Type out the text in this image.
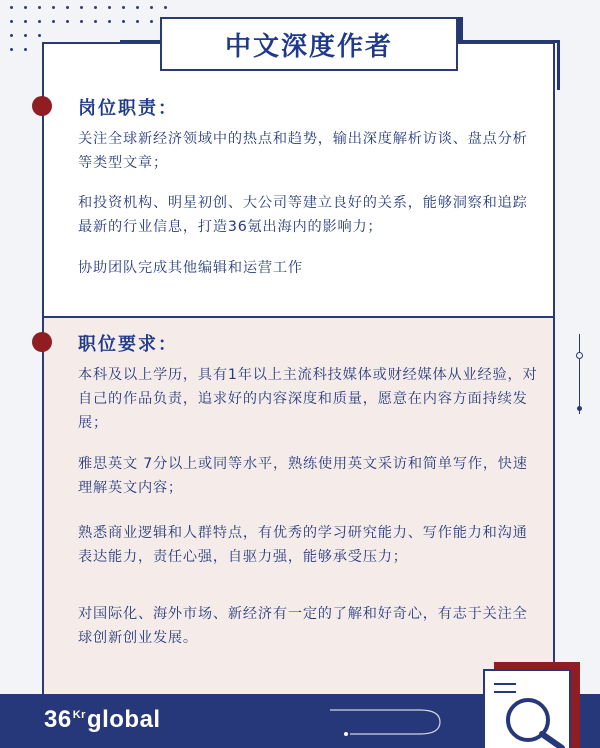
中文深度作者
岗位职责：
关注全球新经济领域中的热点和趋势，输出深度解析访谈、盘点分析等类型文章；
和投资机构、明星初创、大公司等建立良好的关系，能够洞察和追踪最新的行业信息，打造36氪出海内的影响力；
协助团队完成其他编辑和运营工作
职位要求：
本科及以上学历，具有1年以上主流科技媒体或财经媒体从业经验，对自己的作品负责，追求好的内容深度和质量，愿意在内容方面持续发展；
雅思英文 7分以上或同等水平，熟练使用英文采访和简单写作，快速理解英文内容；
熟悉商业逻辑和人群特点，有优秀的学习研究能力、写作能力和沟通表达能力，责任心强，自驱力强，能够承受压力；
对国际化、海外市场、新经济有一定的了解和好奇心，有志于关注全球创新创业发展。
$36^{Kr}global$
